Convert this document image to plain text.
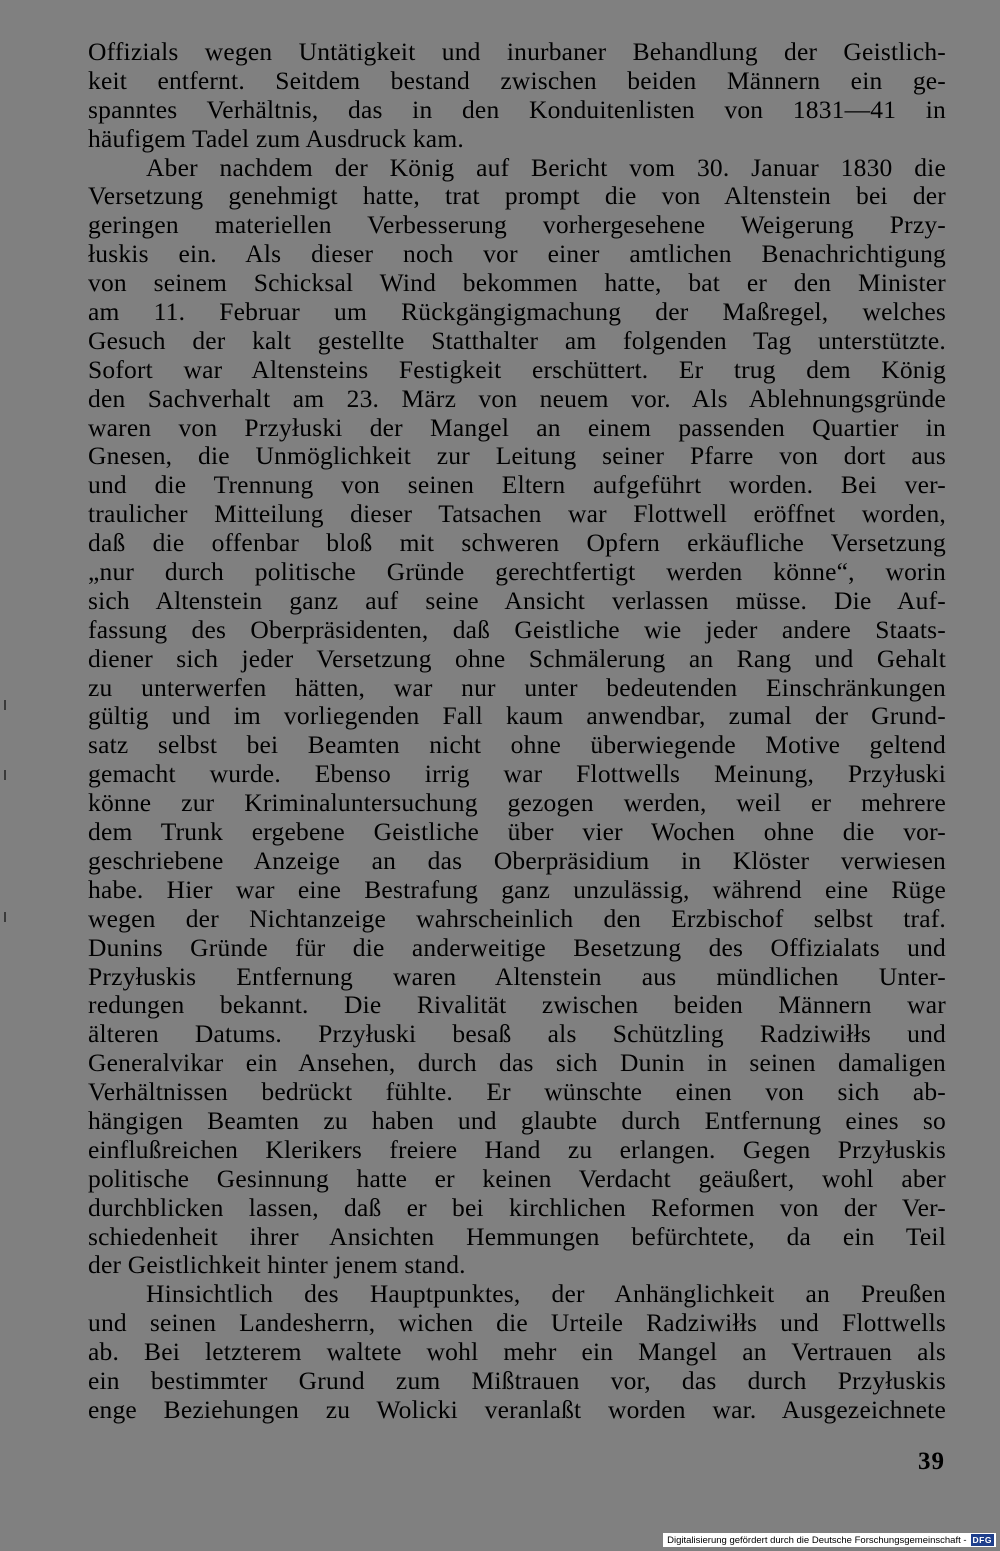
Offizials wegen Untätigkeit und inurbaner Behandlung der Geistlich-
keit entfernt. Seitdem bestand zwischen beiden Männern ein ge-
spanntes Verhältnis, das in den Konduitenlisten von 1831—41 in
häufigem Tadel zum Ausdruck kam.
Aber nachdem der König auf Bericht vom 30. Januar 1830 die
Versetzung genehmigt hatte, trat prompt die von Altenstein bei der
geringen materiellen Verbesserung vorhergesehene Weigerung Przy-
łuskis ein. Als dieser noch vor einer amtlichen Benachrichtigung
von seinem Schicksal Wind bekommen hatte, bat er den Minister
am 11. Februar um Rückgängigmachung der Maßregel, welches
Gesuch der kalt gestellte Statthalter am folgenden Tag unterstützte.
Sofort war Altensteins Festigkeit erschüttert. Er trug dem König
den Sachverhalt am 23. März von neuem vor. Als Ablehnungsgründe
waren von Przyłuski der Mangel an einem passenden Quartier in
Gnesen, die Unmöglichkeit zur Leitung seiner Pfarre von dort aus
und die Trennung von seinen Eltern aufgeführt worden. Bei ver-
traulicher Mitteilung dieser Tatsachen war Flottwell eröffnet worden,
daß die offenbar bloß mit schweren Opfern erkäufliche Versetzung
„nur durch politische Gründe gerechtfertigt werden könne“, worin
sich Altenstein ganz auf seine Ansicht verlassen müsse. Die Auf-
fassung des Oberpräsidenten, daß Geistliche wie jeder andere Staats-
diener sich jeder Versetzung ohne Schmälerung an Rang und Gehalt
zu unterwerfen hätten, war nur unter bedeutenden Einschränkungen
gültig und im vorliegenden Fall kaum anwendbar, zumal der Grund-
satz selbst bei Beamten nicht ohne überwiegende Motive geltend
gemacht wurde. Ebenso irrig war Flottwells Meinung, Przyłuski
könne zur Kriminaluntersuchung gezogen werden, weil er mehrere
dem Trunk ergebene Geistliche über vier Wochen ohne die vor-
geschriebene Anzeige an das Oberpräsidium in Klöster verwiesen
habe. Hier war eine Bestrafung ganz unzulässig, während eine Rüge
wegen der Nichtanzeige wahrscheinlich den Erzbischof selbst traf.
Dunins Gründe für die anderweitige Besetzung des Offizialats und
Przyłuskis Entfernung waren Altenstein aus mündlichen Unter-
redungen bekannt. Die Rivalität zwischen beiden Männern war
älteren Datums. Przyłuski besaß als Schützling Radziwiłłs und
Generalvikar ein Ansehen, durch das sich Dunin in seinen damaligen
Verhältnissen bedrückt fühlte. Er wünschte einen von sich ab-
hängigen Beamten zu haben und glaubte durch Entfernung eines so
einflußreichen Klerikers freiere Hand zu erlangen. Gegen Przyłuskis
politische Gesinnung hatte er keinen Verdacht geäußert, wohl aber
durchblicken lassen, daß er bei kirchlichen Reformen von der Ver-
schiedenheit ihrer Ansichten Hemmungen befürchtete, da ein Teil
der Geistlichkeit hinter jenem stand.
Hinsichtlich des Hauptpunktes, der Anhänglichkeit an Preußen
und seinen Landesherrn, wichen die Urteile Radziwiłłs und Flottwells
ab. Bei letzterem waltete wohl mehr ein Mangel an Vertrauen als
ein bestimmter Grund zum Mißtrauen vor, das durch Przyłuskis
enge Beziehungen zu Wolicki veranlaßt worden war. Ausgezeichnete
39
Digitalisierung gefördert durch die Deutsche Forschungsgemeinschaft - DFG
